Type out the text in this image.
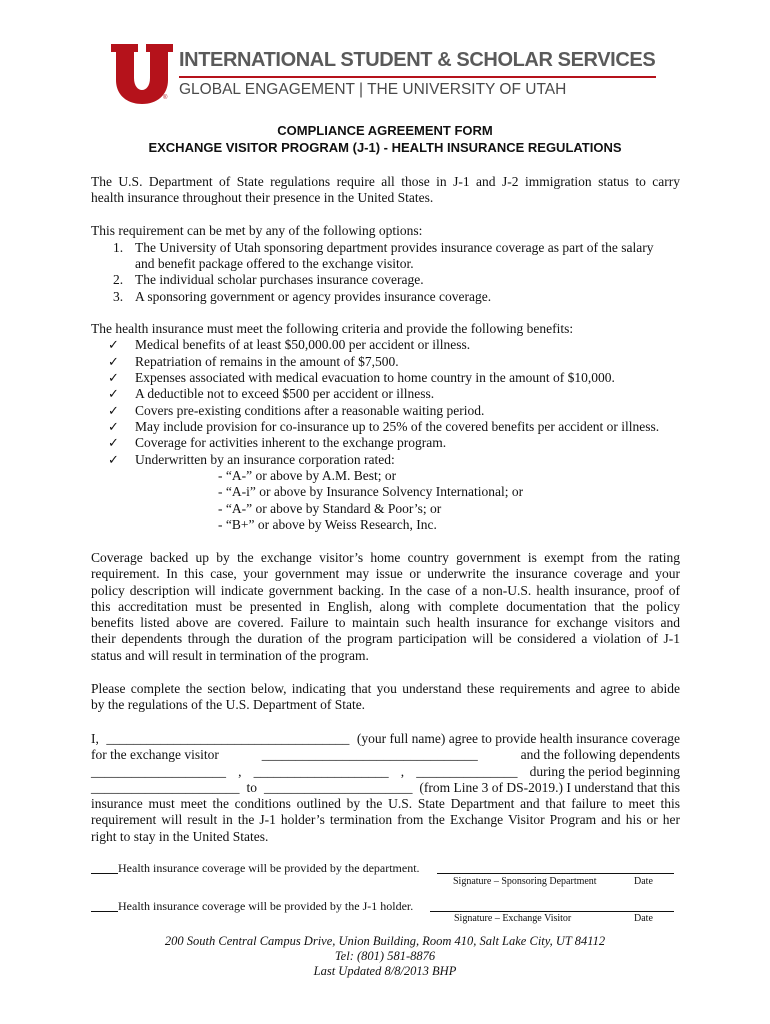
®
INTERNATIONAL STUDENT & SCHOLAR SERVICES
GLOBAL ENGAGEMENT | THE UNIVERSITY OF UTAH
COMPLIANCE AGREEMENT FORM
EXCHANGE VISITOR PROGRAM (J-1) - HEALTH INSURANCE REGULATIONS
The U.S. Department of State regulations require all those in J-1 and J-2 immigration status to carry
health insurance throughout their presence in the United States.
This requirement can be met by any of the following options:
1. The University of Utah sponsoring department provides insurance coverage as part of the salary
and benefit package offered to the exchange visitor.
2. The individual scholar purchases insurance coverage.
3. A sponsoring government or agency provides insurance coverage.
The health insurance must meet the following criteria and provide the following benefits:
✓ Medical benefits of at least $50,000.00 per accident or illness.
✓ Repatriation of remains in the amount of $7,500.
✓ Expenses associated with medical evacuation to home country in the amount of $10,000.
✓ A deductible not to exceed $500 per accident or illness.
✓ Covers pre-existing conditions after a reasonable waiting period.
✓ May include provision for co-insurance up to 25% of the covered benefits per accident or illness.
✓ Coverage for activities inherent to the exchange program.
✓ Underwritten by an insurance corporation rated:
- “A-” or above by A.M. Best; or
- “A-i” or above by Insurance Solvency International; or
- “A-” or above by Standard & Poor’s; or
- “B+” or above by Weiss Research, Inc.
Coverage backed up by the exchange visitor’s home country government is exempt from the rating
requirement. In this case, your government may issue or underwrite the insurance coverage and your
policy description will indicate government backing. In the case of a non-U.S. health insurance, proof of
this accreditation must be presented in English, along with complete documentation that the policy
benefits listed above are covered. Failure to maintain such health insurance for exchange visitors and
their dependents through the duration of the program participation will be considered a violation of J-1
status and will result in termination of the program.
Please complete the section below, indicating that you understand these requirements and agree to abide
by the regulations of the U.S. Department of State.
I, ____________________________________ (your full name) agree to provide health insurance coverage
for the exchange visitor	________________________________	and the following dependents
____________________ , ____________________ , _______________ during the period beginning
______________________ to ______________________ (from Line 3 of DS-2019.) I understand that this
insurance must meet the conditions outlined by the U.S. State Department and that failure to meet this
requirement will result in the J-1 holder’s termination from the Exchange Visitor Program and his or her
right to stay in the United States.
Health insurance coverage will be provided by the department.
Signature – Sponsoring Department	Date
Health insurance coverage will be provided by the J-1 holder.
Signature – Exchange Visitor	Date
200 South Central Campus Drive, Union Building, Room 410, Salt Lake City, UT 84112
Tel: (801) 581-8876
Last Updated 8/8/2013 BHP
